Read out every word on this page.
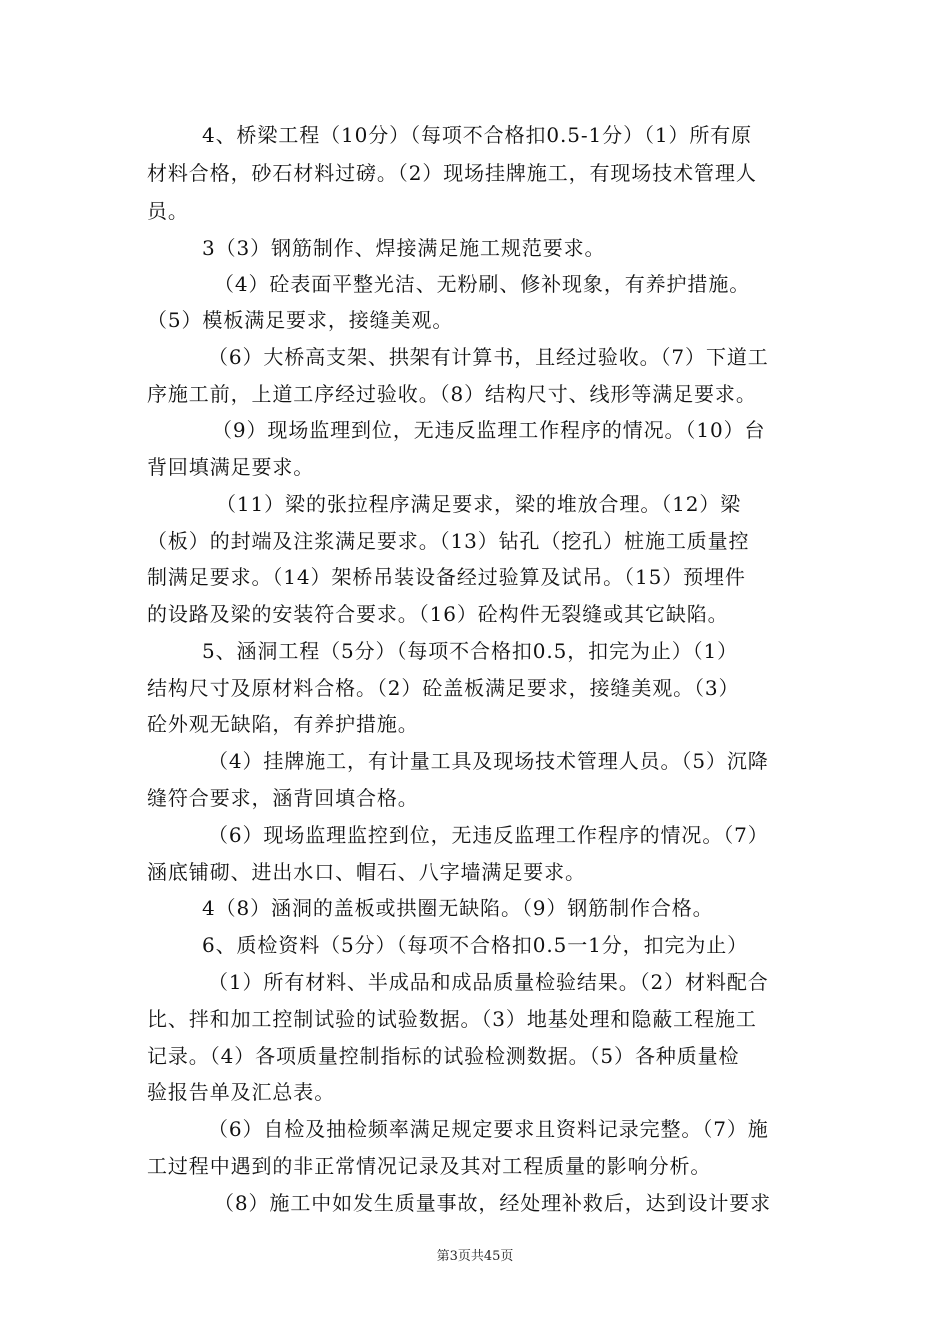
4、桥梁工程（10分）（每项不合格扣0.5-1分）（1）所有原
材料合格，砂石材料过磅。（2）现场挂牌施工，有现场技术管理人
员。
3（3）钢筋制作、焊接满足施工规范要求。
（4）砼表面平整光洁、无粉刷、修补现象，有养护措施。
（5）模板满足要求，接缝美观。
（6）大桥高支架、拱架有计算书，且经过验收。（7）下道工
序施工前，上道工序经过验收。（8）结构尺寸、线形等满足要求。
（9）现场监理到位，无违反监理工作程序的情况。（10）台
背回填满足要求。
（11）梁的张拉程序满足要求，梁的堆放合理。（12）梁
（板）的封端及注浆满足要求。（13）钻孔（挖孔）桩施工质量控
制满足要求。（14）架桥吊装设备经过验算及试吊。（15）预埋件
的设路及梁的安装符合要求。（16）砼构件无裂缝或其它缺陷。
5、涵洞工程（5分）（每项不合格扣0.5，扣完为止）（1）
结构尺寸及原材料合格。（2）砼盖板满足要求，接缝美观。（3）
砼外观无缺陷，有养护措施。
（4）挂牌施工，有计量工具及现场技术管理人员。（5）沉降
缝符合要求，涵背回填合格。
（6）现场监理监控到位，无违反监理工作程序的情况。（7）
涵底铺砌、进出水口、帽石、八字墙满足要求。
4（8）涵洞的盖板或拱圈无缺陷。（9）钢筋制作合格。
6、质检资料（5分）（每项不合格扣0.5一1分，扣完为止）
（1）所有材料、半成品和成品质量检验结果。（2）材料配合
比、拌和加工控制试验的试验数据。（3）地基处理和隐蔽工程施工
记录。（4）各项质量控制指标的试验检测数据。（5）各种质量检
验报告单及汇总表。
（6）自检及抽检频率满足规定要求且资料记录完整。（7）施
工过程中遇到的非正常情况记录及其对工程质量的影响分析。
（8）施工中如发生质量事故，经处理补救后，达到设计要求
第3页共45页
